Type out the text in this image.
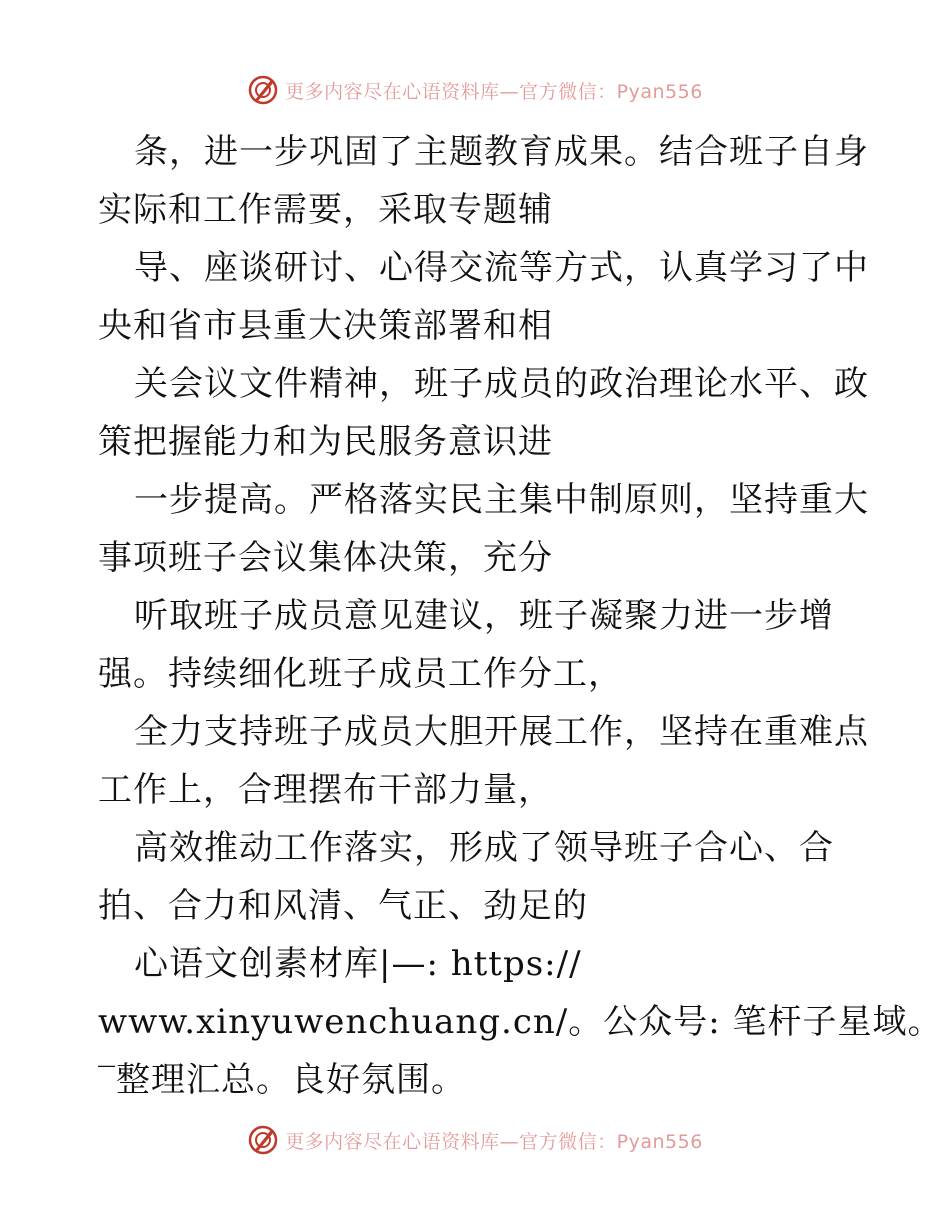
更多内容尽在心语资料库—官方微信：Pyan556
条，进一步巩固了主题教育成果。结合班子自身
实际和工作需要，采取专题辅
导、座谈研讨、心得交流等方式，认真学习了中
央和省市县重大决策部署和相
关会议文件精神，班子成员的政治理论水平、政
策把握能力和为民服务意识进
一步提高。严格落实民主集中制原则，坚持重大
事项班子会议集体决策，充分
听取班子成员意见建议，班子凝聚力进一步增
强。持续细化班子成员工作分工，
全力支持班子成员大胆开展工作，坚持在重难点
工作上，合理摆布干部力量，
高效推动工作落实，形成了领导班子合心、合
拍、合力和风清、气正、劲足的
心语文创素材库|—: https://
www.xinyuwenchuang.cn/。公众号: 笔杆子星域。
‾整理汇总。良好氛围。
更多内容尽在心语资料库—官方微信：Pyan556
